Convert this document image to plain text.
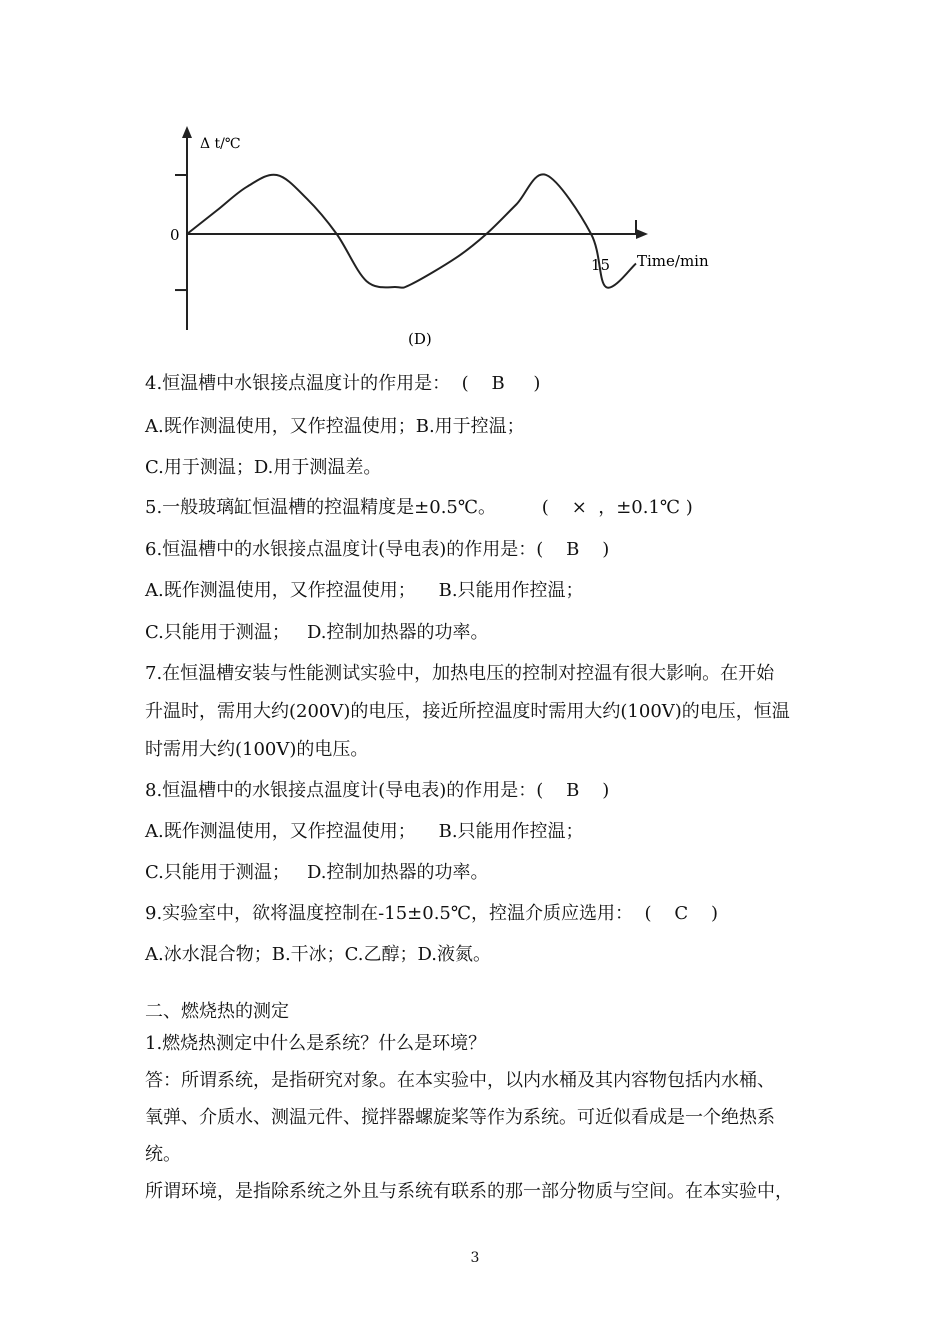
Δ t/℃
0
15 Time/min
(D)
4.恒温槽中水银接点温度计的作用是：  (    B     )
A.既作测温使用，又作控温使用；B.用于控温；
C.用于测温；D.用于测温差。
5.一般玻璃缸恒温槽的控温精度是±0.5℃。        (    ×  ，±0.1℃ )
6.恒温槽中的水银接点温度计(导电表)的作用是：(    B    )
A.既作测温使用，又作控温使用；    B.只能用作控温；
C.只能用于测温；   D.控制加热器的功率。
7.在恒温槽安装与性能测试实验中，加热电压的控制对控温有很大影响。在开始
升温时，需用大约(200V)的电压，接近所控温度时需用大约(100V)的电压，恒温
时需用大约(100V)的电压。
8.恒温槽中的水银接点温度计(导电表)的作用是：(    B    )
A.既作测温使用，又作控温使用；    B.只能用作控温；
C.只能用于测温；   D.控制加热器的功率。
9.实验室中，欲将温度控制在-15±0.5℃，控温介质应选用：  (    C    )
A.冰水混合物；B.干冰；C.乙醇；D.液氮。
二、燃烧热的测定
1.燃烧热测定中什么是系统？什么是环境？
答：所谓系统，是指研究对象。在本实验中，以内水桶及其内容物包括内水桶、
氧弹、介质水、测温元件、搅拌器螺旋桨等作为系统。可近似看成是一个绝热系
统。
所谓环境，是指除系统之外且与系统有联系的那一部分物质与空间。在本实验中，
3
